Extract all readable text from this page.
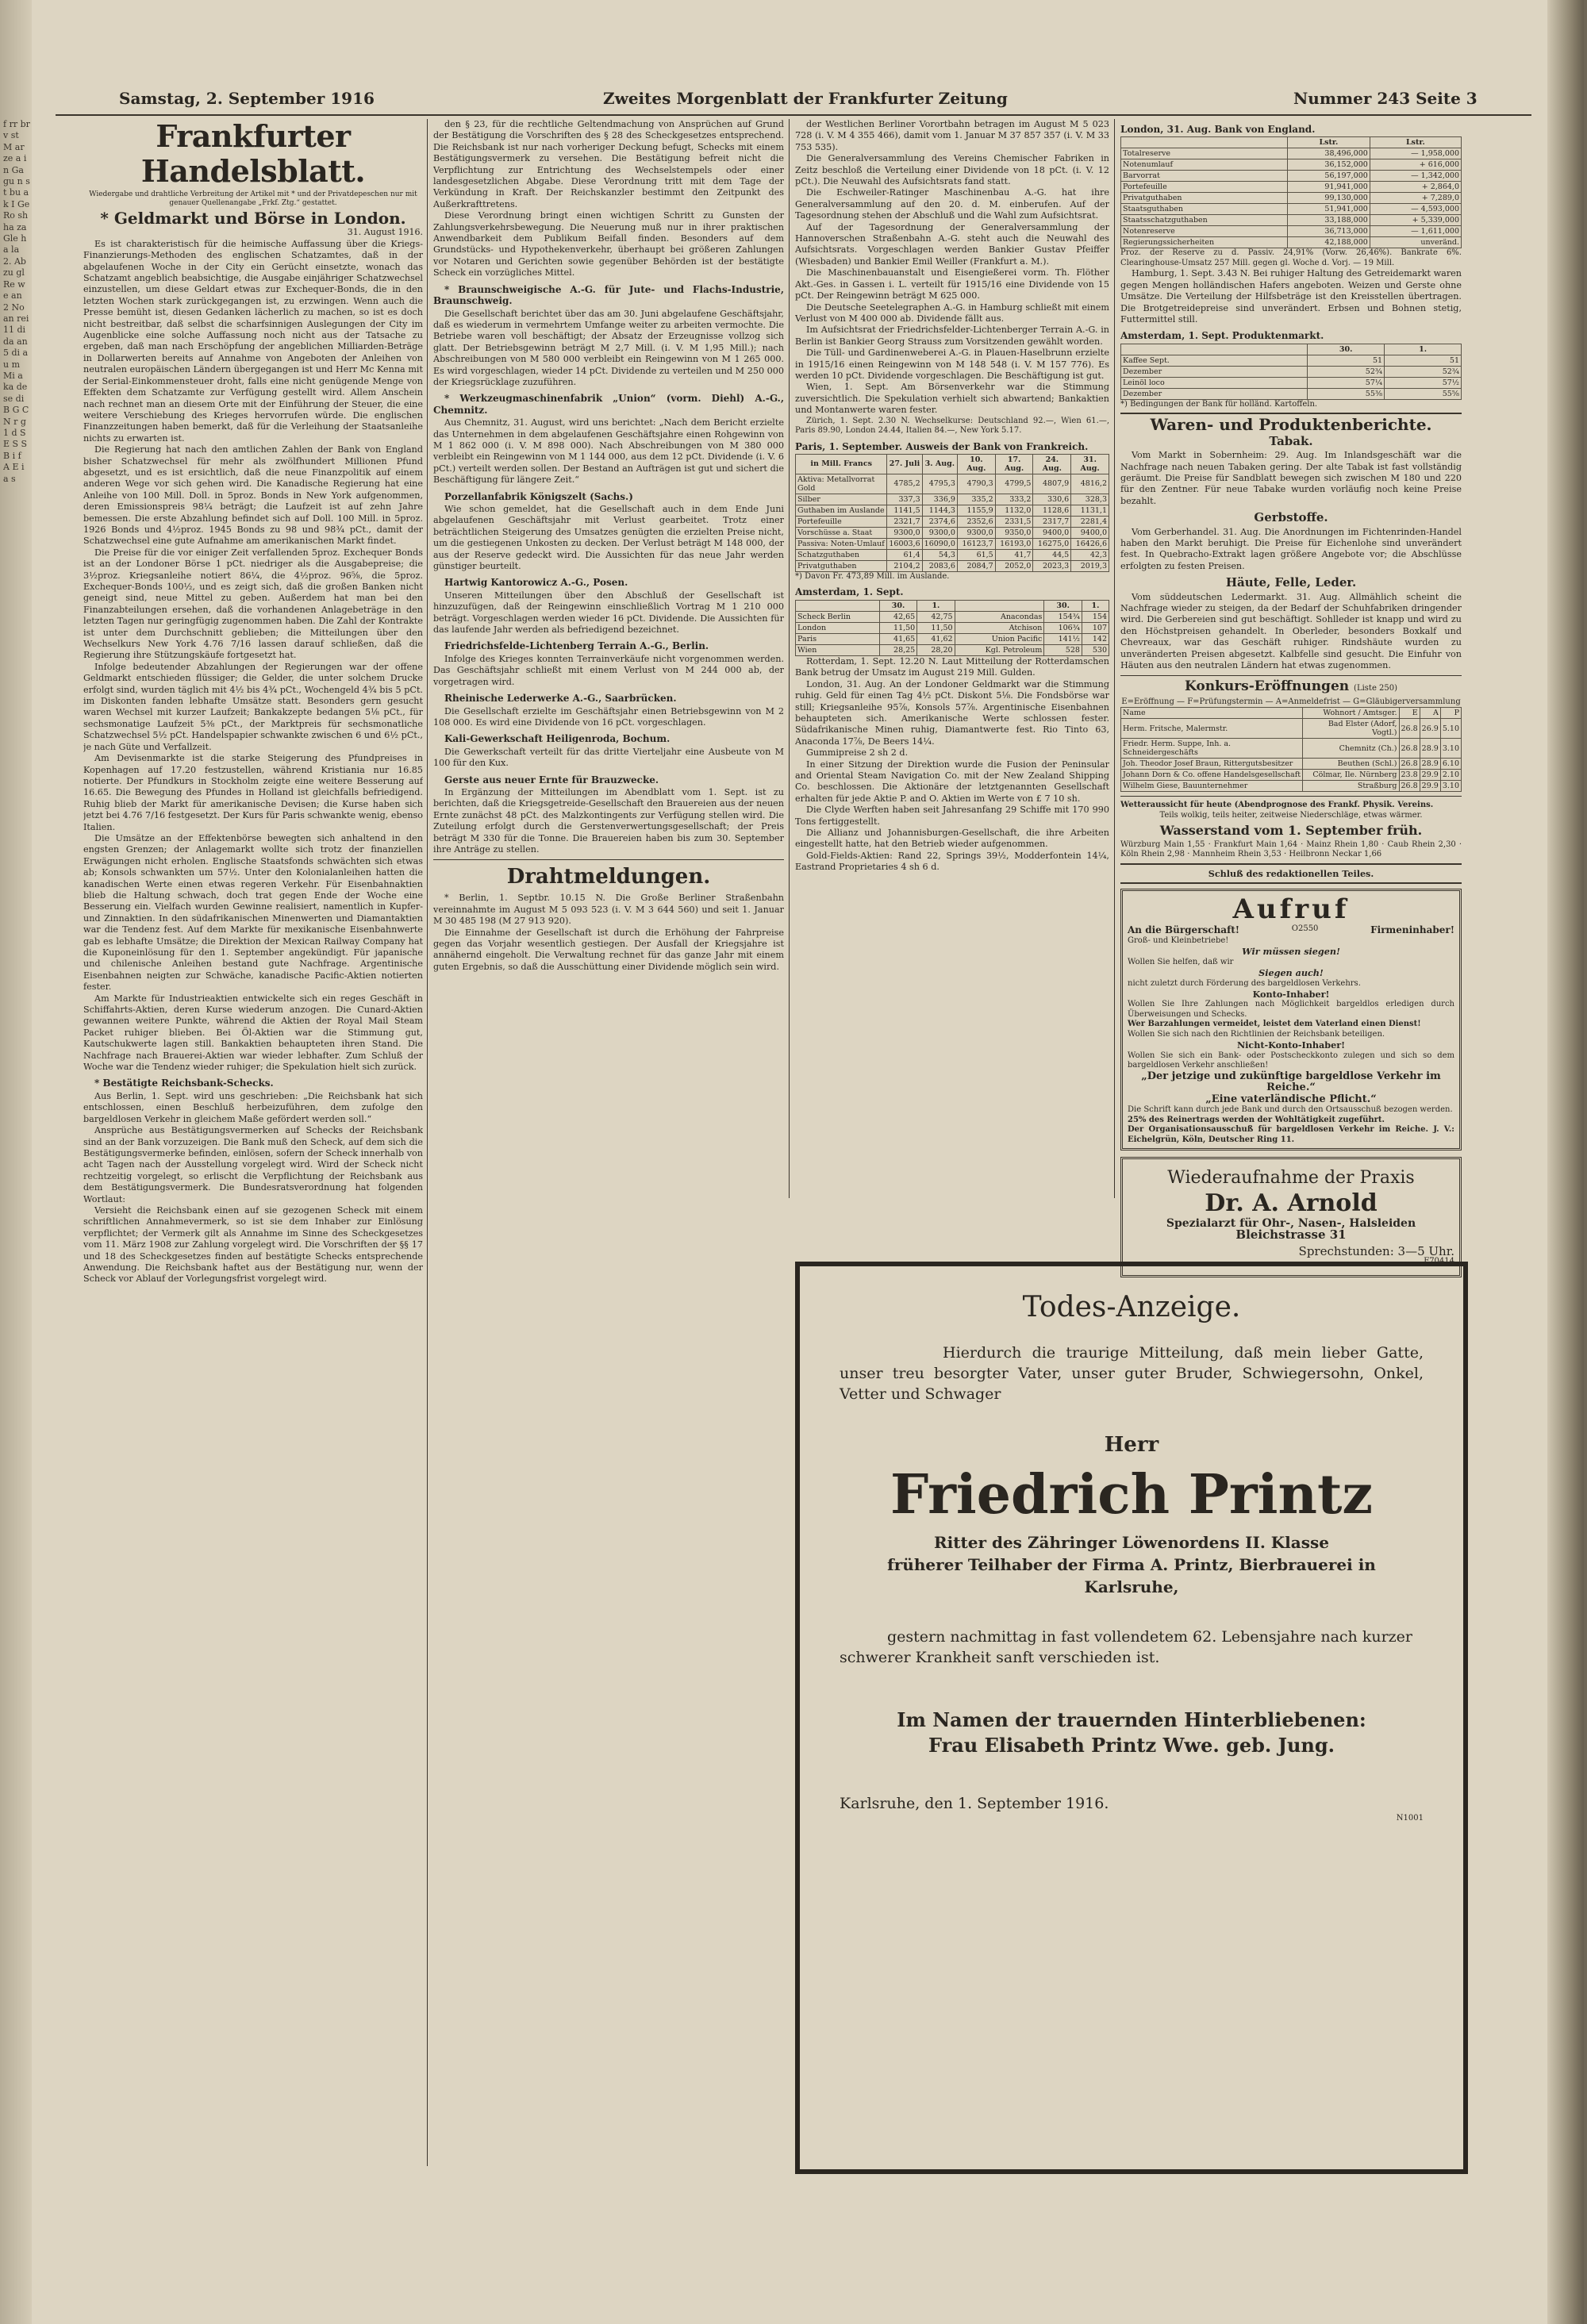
f rr br v st M ar ze a in Ga gu n st bu ak I Ge Ro sh ha za Gle ha la 2. Ab zu gl Re we an 2 No an rei 11 di da an 5 di au m Mi a ka de se di B G C N r g 1 d S E S S B i f A E i a s
Samstag, 2. September 1916	Zweites Morgenblatt der Frankfurter Zeitung	Nummer 243 Seite 3
Frankfurter Handelsblatt.
Wiedergabe und drahtliche Verbreitung der Artikel mit * und der Privatdepeschen nur mit genauer Quellenangabe „Frkf. Ztg.“ gestattet.
* Geldmarkt und Börse in London.
31. August 1916.

Es ist charakteristisch für die heimische Auffassung über die Kriegs-Finanzierungs-Methoden des englischen Schatzamtes, daß in der abgelaufenen Woche in der City ein Gerücht einsetzte, wonach das Schatzamt angeblich beabsichtige, die Ausgabe einjähriger Schatzwechsel einzustellen, um diese Geldart etwas zur Exchequer-Bonds, die in den letzten Wochen stark zurückgegangen ist, zu erzwingen. Wenn auch die Presse bemüht ist, diesen Gedanken lächerlich zu machen, so ist es doch nicht bestreitbar, daß selbst die scharfsinnigen Auslegungen der City im Augenblicke eine solche Auffassung noch nicht aus der Tatsache zu ergeben, daß man nach Erschöpfung der angeblichen Milliarden-Beträge in Dollarwerten bereits auf Annahme von Angeboten der Anleihen von neutralen europäischen Ländern übergegangen ist und Herr Mc Kenna mit der Serial-Einkommensteuer droht, falls eine nicht genügende Menge von Effekten dem Schatzamte zur Verfügung gestellt wird. Allem Anschein nach rechnet man an diesem Orte mit der Einführung der Steuer, die eine weitere Verschiebung des Krieges hervorrufen würde. Die englischen Finanzzeitungen haben bemerkt, daß für die Verleihung der Staatsanleihe nichts zu erwarten ist.

Die Regierung hat nach den amtlichen Zahlen der Bank von England bisher Schatzwechsel für mehr als zwölfhundert Millionen Pfund abgesetzt, und es ist ersichtlich, daß die neue Finanzpolitik auf einem anderen Wege vor sich gehen wird. Die Kanadische Regierung hat eine Anleihe von 100 Mill. Doll. in 5proz. Bonds in New York aufgenommen, deren Emissionspreis 98¼ beträgt; die Laufzeit ist auf zehn Jahre bemessen. Die erste Abzahlung befindet sich auf Doll. 100 Mill. in 5proz. 1926 Bonds und 4½proz. 1945 Bonds zu 98 und 98¾ pCt., damit der Schatzwechsel eine gute Aufnahme am amerikanischen Markt findet.

Die Preise für die vor einiger Zeit verfallenden 5proz. Exchequer Bonds ist an der Londoner Börse 1 pCt. niedriger als die Ausgabepreise; die 3½proz. Kriegsanleihe notiert 86¼, die 4½proz. 96⅝, die 5proz. Exchequer-Bonds 100½, und es zeigt sich, daß die großen Banken nicht geneigt sind, neue Mittel zu geben. Außerdem hat man bei den Finanzabteilungen ersehen, daß die vorhandenen Anlagebeträge in den letzten Tagen nur geringfügig zugenommen haben. Die Zahl der Kontrakte ist unter dem Durchschnitt geblieben; die Mitteilungen über den Wechselkurs New York 4.76 7/16 lassen darauf schließen, daß die Regierung ihre Stützungskäufe fortgesetzt hat.

Infolge bedeutender Abzahlungen der Regierungen war der offene Geldmarkt entschieden flüssiger; die Gelder, die unter solchem Drucke erfolgt sind, wurden täglich mit 4½ bis 4¾ pCt., Wochengeld 4¾ bis 5 pCt. im Diskonten fanden lebhafte Umsätze statt. Besonders gern gesucht waren Wechsel mit kurzer Laufzeit; Bankakzepte bedangen 5⅛ pCt., für sechsmonatige Laufzeit 5⅜ pCt., der Marktpreis für sechsmonatliche Schatzwechsel 5½ pCt. Handelspapier schwankte zwischen 6 und 6½ pCt., je nach Güte und Verfallzeit.

Am Devisenmarkte ist die starke Steigerung des Pfundpreises in Kopenhagen auf 17.20 festzustellen, während Kristiania nur 16.85 notierte. Der Pfundkurs in Stockholm zeigte eine weitere Besserung auf 16.65. Die Bewegung des Pfundes in Holland ist gleichfalls befriedigend. Ruhig blieb der Markt für amerikanische Devisen; die Kurse haben sich jetzt bei 4.76 7/16 festgesetzt. Der Kurs für Paris schwankte wenig, ebenso Italien.

Die Umsätze an der Effektenbörse bewegten sich anhaltend in den engsten Grenzen; der Anlagemarkt wollte sich trotz der finanziellen Erwägungen nicht erholen. Englische Staatsfonds schwächten sich etwas ab; Konsols schwankten um 57½. Unter den Kolonialanleihen hatten die kanadischen Werte einen etwas regeren Verkehr. Für Eisenbahnaktien blieb die Haltung schwach, doch trat gegen Ende der Woche eine Besserung ein. Vielfach wurden Gewinne realisiert, namentlich in Kupfer- und Zinnaktien. In den südafrikanischen Minenwerten und Diamantaktien war die Tendenz fest. Auf dem Markte für mexikanische Eisenbahnwerte gab es lebhafte Umsätze; die Direktion der Mexican Railway Company hat die Kuponeinlösung für den 1. September angekündigt. Für japanische und chilenische Anleihen bestand gute Nachfrage. Argentinische Eisenbahnen neigten zur Schwäche, kanadische Pacific-Aktien notierten fester.

Am Markte für Industrieaktien entwickelte sich ein reges Geschäft in Schiffahrts-Aktien, deren Kurse wiederum anzogen. Die Cunard-Aktien gewannen weitere Punkte, während die Aktien der Royal Mail Steam Packet ruhiger blieben. Bei Öl-Aktien war die Stimmung gut, Kautschukwerte lagen still. Bankaktien behaupteten ihren Stand. Die Nachfrage nach Brauerei-Aktien war wieder lebhafter. Zum Schluß der Woche war die Tendenz wieder ruhiger; die Spekulation hielt sich zurück.

* Bestätigte Reichsbank-Schecks.

Aus Berlin, 1. Sept. wird uns geschrieben: „Die Reichsbank hat sich entschlossen, einen Beschluß herbeizuführen, dem zufolge den bargeldlosen Verkehr in gleichem Maße gefördert werden soll.“

Ansprüche aus Bestätigungsvermerken auf Schecks der Reichsbank sind an der Bank vorzuzeigen. Die Bank muß den Scheck, auf dem sich die Bestätigungsvermerke befinden, einlösen, sofern der Scheck innerhalb von acht Tagen nach der Ausstellung vorgelegt wird. Wird der Scheck nicht rechtzeitig vorgelegt, so erlischt die Verpflichtung der Reichsbank aus dem Bestätigungsvermerk. Die Bundesratsverordnung hat folgenden Wortlaut:

Versieht die Reichsbank einen auf sie gezogenen Scheck mit einem schriftlichen Annahmevermerk, so ist sie dem Inhaber zur Einlösung verpflichtet; der Vermerk gilt als Annahme im Sinne des Scheckgesetzes vom 11. März 1908 zur Zahlung vorgelegt wird. Die Vorschriften der §§ 17 und 18 des Scheckgesetzes finden auf bestätigte Schecks entsprechende Anwendung. Die Reichsbank haftet aus der Bestätigung nur, wenn der Scheck vor Ablauf der Vorlegungsfrist vorgelegt wird.

den § 23, für die rechtliche Geltendmachung von Ansprüchen auf Grund der Bestätigung die Vorschriften des § 28 des Scheckgesetzes entsprechend. Die Reichsbank ist nur nach vorheriger Deckung befugt, Schecks mit einem Bestätigungsvermerk zu versehen. Die Bestätigung befreit nicht die Verpflichtung zur Entrichtung des Wechselstempels oder einer landesgesetzlichen Abgabe. Diese Verordnung tritt mit dem Tage der Verkündung in Kraft. Der Reichskanzler bestimmt den Zeitpunkt des Außerkrafttretens.

Diese Verordnung bringt einen wichtigen Schritt zu Gunsten der Zahlungsverkehrsbewegung. Die Neuerung muß nur in ihrer praktischen Anwendbarkeit dem Publikum Beifall finden. Besonders auf dem Grundstücks- und Hypothekenverkehr, überhaupt bei größeren Zahlungen vor Notaren und Gerichten sowie gegenüber Behörden ist der bestätigte Scheck ein vorzügliches Mittel.

* Braunschweigische A.-G. für Jute- und Flachs-Industrie, Braunschweig.

Die Gesellschaft berichtet über das am 30. Juni abgelaufene Geschäftsjahr, daß es wiederum in vermehrtem Umfange weiter zu arbeiten vermochte. Die Betriebe waren voll beschäftigt; der Absatz der Erzeugnisse vollzog sich glatt. Der Betriebsgewinn beträgt M 2,7 Mill. (i. V. M 1,95 Mill.); nach Abschreibungen von M 580 000 verbleibt ein Reingewinn von M 1 265 000. Es wird vorgeschlagen, wieder 14 pCt. Dividende zu verteilen und M 250 000 der Kriegsrücklage zuzuführen.

* Werkzeugmaschinenfabrik „Union“ (vorm. Diehl) A.-G., Chemnitz.

Aus Chemnitz, 31. August, wird uns berichtet: „Nach dem Bericht erzielte das Unternehmen in dem abgelaufenen Geschäftsjahre einen Rohgewinn von M 1 862 000 (i. V. M 898 000). Nach Abschreibungen von M 380 000 verbleibt ein Reingewinn von M 1 144 000, aus dem 12 pCt. Dividende (i. V. 6 pCt.) verteilt werden sollen. Der Bestand an Aufträgen ist gut und sichert die Beschäftigung für längere Zeit.“

Porzellanfabrik Königszelt (Sachs.)

Wie schon gemeldet, hat die Gesellschaft auch in dem Ende Juni abgelaufenen Geschäftsjahr mit Verlust gearbeitet. Trotz einer beträchtlichen Steigerung des Umsatzes genügten die erzielten Preise nicht, um die gestiegenen Unkosten zu decken. Der Verlust beträgt M 148 000, der aus der Reserve gedeckt wird. Die Aussichten für das neue Jahr werden günstiger beurteilt.

Hartwig Kantorowicz A.-G., Posen.

Unseren Mitteilungen über den Abschluß der Gesellschaft ist hinzuzufügen, daß der Reingewinn einschließlich Vortrag M 1 210 000 beträgt. Vorgeschlagen werden wieder 16 pCt. Dividende. Die Aussichten für das laufende Jahr werden als befriedigend bezeichnet.

Friedrichsfelde-Lichtenberg Terrain A.-G., Berlin.

Infolge des Krieges konnten Terrainverkäufe nicht vorgenommen werden. Das Geschäftsjahr schließt mit einem Verlust von M 244 000 ab, der vorgetragen wird.

Rheinische Lederwerke A.-G., Saarbrücken.

Die Gesellschaft erzielte im Geschäftsjahr einen Betriebsgewinn von M 2 108 000. Es wird eine Dividende von 16 pCt. vorgeschlagen.

Kali-Gewerkschaft Heiligenroda, Bochum.

Die Gewerkschaft verteilt für das dritte Vierteljahr eine Ausbeute von M 100 für den Kux.

Gerste aus neuer Ernte für Brauzwecke.

In Ergänzung der Mitteilungen im Abendblatt vom 1. Sept. ist zu berichten, daß die Kriegsgetreide-Gesellschaft den Brauereien aus der neuen Ernte zunächst 48 pCt. des Malzkontingents zur Verfügung stellen wird. Die Zuteilung erfolgt durch die Gerstenverwertungsgesellschaft; der Preis beträgt M 330 für die Tonne. Die Brauereien haben bis zum 30. September ihre Anträge zu stellen.

Drahtmeldungen.

* Berlin, 1. Septbr. 10.15 N. Die Große Berliner Straßenbahn vereinnahmte im August M 5 093 523 (i. V. M 3 644 560) und seit 1. Januar M 30 485 198 (M 27 913 920).

Die Einnahme der Gesellschaft ist durch die Erhöhung der Fahrpreise gegen das Vorjahr wesentlich gestiegen. Der Ausfall der Kriegsjahre ist annähernd eingeholt. Die Verwaltung rechnet für das ganze Jahr mit einem guten Ergebnis, so daß die Ausschüttung einer Dividende möglich sein wird.

der Westlichen Berliner Vorortbahn betragen im August M 5 023 728 (i. V. M 4 355 466), damit vom 1. Januar M 37 857 357 (i. V. M 33 753 535).

Die Generalversammlung des Vereins Chemischer Fabriken in Zeitz beschloß die Verteilung einer Dividende von 18 pCt. (i. V. 12 pCt.). Die Neuwahl des Aufsichtsrats fand statt.

Die Eschweiler-Ratinger Maschinenbau A.-G. hat ihre Generalversammlung auf den 20. d. M. einberufen. Auf der Tagesordnung stehen der Abschluß und die Wahl zum Aufsichtsrat.

Auf der Tagesordnung der Generalversammlung der Hannoverschen Straßenbahn A.-G. steht auch die Neuwahl des Aufsichtsrats. Vorgeschlagen werden Bankier Gustav Pfeiffer (Wiesbaden) und Bankier Emil Weiller (Frankfurt a. M.).

Die Maschinenbauanstalt und Eisengießerei vorm. Th. Flöther Akt.-Ges. in Gassen i. L. verteilt für 1915/16 eine Dividende von 15 pCt. Der Reingewinn beträgt M 625 000.

Die Deutsche Seetelegraphen A.-G. in Hamburg schließt mit einem Verlust von M 400 000 ab. Dividende fällt aus.

Im Aufsichtsrat der Friedrichsfelder-Lichtenberger Terrain A.-G. in Berlin ist Bankier Georg Strauss zum Vorsitzenden gewählt worden.

Die Tüll- und Gardinenweberei A.-G. in Plauen-Haselbrunn erzielte in 1915/16 einen Reingewinn von M 148 548 (i. V. M 157 776). Es werden 10 pCt. Dividende vorgeschlagen. Die Beschäftigung ist gut.

Wien, 1. Sept. Am Börsenverkehr war die Stimmung zuversichtlich. Die Spekulation verhielt sich abwartend; Bankaktien und Montanwerte waren fester.

Zürich, 1. Sept. 2.30 N. Wechselkurse: Deutschland 92.—, Wien 61.—, Paris 89.90, London 24.44, Italien 84.—, New York 5.17.

Paris, 1. September. Ausweis der Bank von Frankreich.
in Mill. Francs	27. Juli	3. Aug.	10. Aug.	17. Aug.	24. Aug.	31. Aug.
Aktiva: Metallvorrat Gold	4785,2	4795,3	4790,3	4799,5	4807,9	4816,2
Silber	337,3	336,9	335,2	333,2	330,6	328,3
Guthaben im Auslande	1141,5	1144,3	1155,9	1132,0	1128,6	1131,1
Portefeuille	2321,7	2374,6	2352,6	2331,5	2317,7	2281,4
Vorschüsse a. Staat	9300,0	9300,0	9300,0	9350,0	9400,0	9400,0
Passiva: Noten-Umlauf	16003,6	16090,0	16123,7	16193,0	16275,0	16426,6
Schatzguthaben	61,4	54,3	61,5	41,7	44,5	42,3
Privatguthaben	2104,2	2083,6	2084,7	2052,0	2023,3	2019,3
*) Davon Fr. 473,89 Mill. im Auslande.
Amsterdam, 1. Sept.
	30.	1.		30.	1.
Scheck Berlin	42,65	42,75	Anacondas	154¾	154
London	11,50	11,50	Atchison	106¾	107
Paris	41,65	41,62	Union Pacific	141½	142
Wien	28,25	28,20	Kgl. Petroleum	528	530

Rotterdam, 1. Sept. 12.20 N. Laut Mitteilung der Rotterdamschen Bank betrug der Umsatz im August 219 Mill. Gulden.

London, 31. Aug. An der Londoner Geldmarkt war die Stimmung ruhig. Geld für einen Tag 4½ pCt. Diskont 5⅛. Die Fondsbörse war still; Kriegsanleihe 95⅞, Konsols 57⅞. Argentinische Eisenbahnen behaupteten sich. Amerikanische Werte schlossen fester. Südafrikanische Minen ruhig, Diamantwerte fest. Rio Tinto 63, Anaconda 17⅞, De Beers 14¼.

Gummipreise 2 sh 2 d.

In einer Sitzung der Direktion wurde die Fusion der Peninsular and Oriental Steam Navigation Co. mit der New Zealand Shipping Co. beschlossen. Die Aktionäre der letztgenannten Gesellschaft erhalten für jede Aktie P. and O. Aktien im Werte von £ 7 10 sh.

Die Clyde Werften haben seit Jahresanfang 29 Schiffe mit 170 990 Tons fertiggestellt.

Die Allianz und Johannisburgen-Gesellschaft, die ihre Arbeiten eingestellt hatte, hat den Betrieb wieder aufgenommen.

Gold-Fields-Aktien: Rand 22, Springs 39½, Modderfontein 14¼, Eastrand Proprietaries 4 sh 6 d.

London, 31. Aug. Bank von England.
	Lstr.	Lstr.
Totalreserve	38,496,000	— 1,958,000
Notenumlauf	36,152,000	+ 616,000
Barvorrat	56,197,000	— 1,342,000
Portefeuille	91,941,000	+ 2,864,0
Privatguthaben	99,130,000	+ 7,289,0
Staatsguthaben	51,941,000	— 4,593,000
Staatsschatzguthaben	33,188,000	+ 5,339,000
Notenreserve	36,713,000	— 1,611,000
Regierungssicherheiten	42,188,000	unveränd.
Proz. der Reserve zu d. Passiv. 24,91% (Vorw. 26,46%). Bankrate 6%. Clearinghouse-Umsatz 257 Mill. gegen gl. Woche d. Vorj. — 19 Mill.

Hamburg, 1. Sept. 3.43 N. Bei ruhiger Haltung des Getreidemarkt waren gegen Mengen holländischen Hafers angeboten. Weizen und Gerste ohne Umsätze. Die Verteilung der Hilfsbeträge ist den Kreisstellen übertragen. Die Brotgetreidepreise sind unverändert. Erbsen und Bohnen stetig, Futtermittel still.

Amsterdam, 1. Sept. Produktenmarkt.
	30.	1.
Kaffee Sept.	51	51
Dezember	52¾	52¾
Leinöl loco	57¼	57½
Dezember	55⅜	55⅝
*) Bedingungen der Bank für holländ. Kartoffeln.
Waren- und Produktenberichte.
Tabak.

Vom Markt in Sobernheim: 29. Aug. Im Inlandsgeschäft war die Nachfrage nach neuen Tabaken gering. Der alte Tabak ist fast vollständig geräumt. Die Preise für Sandblatt bewegen sich zwischen M 180 und 220 für den Zentner. Für neue Tabake wurden vorläufig noch keine Preise bezahlt.

Gerbstoffe.

Vom Gerberhandel. 31. Aug. Die Anordnungen im Fichtenrinden-Handel haben den Markt beruhigt. Die Preise für Eichenlohe sind unverändert fest. In Quebracho-Extrakt lagen größere Angebote vor; die Abschlüsse erfolgten zu festen Preisen.

Häute, Felle, Leder.

Vom süddeutschen Ledermarkt. 31. Aug. Allmählich scheint die Nachfrage wieder zu steigen, da der Bedarf der Schuhfabriken dringender wird. Die Gerbereien sind gut beschäftigt. Sohlleder ist knapp und wird zu den Höchstpreisen gehandelt. In Oberleder, besonders Boxkalf und Chevreaux, war das Geschäft ruhiger. Rindshäute wurden zu unveränderten Preisen abgesetzt. Kalbfelle sind gesucht. Die Einfuhr von Häuten aus den neutralen Ländern hat etwas zugenommen.

Konkurs-Eröffnungen (Liste 250)
E=Eröffnung — F=Prüfungstermin — A=Anmeldefrist — G=Gläubigerversammlung
Name	Wohnort / Amtsger.	E	A	P
Herm. Fritsche, Malermstr.	Bad Elster (Adorf, Vogtl.)	26.8	26.9	5.10
Friedr. Herm. Suppe, Inh. a. Schneidergeschäfts	Chemnitz (Ch.)	26.8	28.9	3.10
Joh. Theodor Josef Braun, Rittergutsbesitzer	Beuthen (Schl.)	26.8	28.9	6.10
Johann Dorn & Co. offene Handelsgesellschaft	Cölmar, Ile. Nürnberg	23.8	29.9	2.10
Wilhelm Giese, Bauunternehmer	Straßburg	26.8	29.9	3.10
Wetteraussicht für heute (Abendprognose des Frankf. Physik. Vereins.
Teils wolkig, teils heiter, zeitweise Niederschläge, etwas wärmer.
Wasserstand vom 1. September früh.
Würzburg Main 1,55 · Frankfurt Main 1,64 · Mainz Rhein 1,80 · Caub Rhein 2,30 · Köln Rhein 2,98 · Mannheim Rhein 3,53 · Heilbronn Neckar 1,66
Schluß des redaktionellen Teiles.
Aufruf
An die Bürgerschaft!	O2550	Firmeninhaber!
Groß- und Kleinbetriebe!
Wir müssen siegen!
Wollen Sie helfen, daß wir
Siegen auch!
nicht zuletzt durch Förderung des bargeldlosen Verkehrs.
Konto-Inhaber!
Wollen Sie Ihre Zahlungen nach Möglichkeit bargeldlos erledigen durch Überweisungen und Schecks.
Wer Barzahlungen vermeidet, leistet dem Vaterland einen Dienst!
Wollen Sie sich nach den Richtlinien der Reichsbank beteiligen.
Nicht-Konto-Inhaber!
Wollen Sie sich ein Bank- oder Postscheckkonto zulegen und sich so dem bargeldlosen Verkehr anschließen!
„Der jetzige und zukünftige bargeldlose Verkehr im Reiche.“
„Eine vaterländische Pflicht.“
Die Schrift kann durch jede Bank und durch den Ortsausschuß bezogen werden.
25% des Reinertrags werden der Wohltätigkeit zugeführt.
Der Organisationsausschuß für bargeldlosen Verkehr im Reiche. J. V.: Eichelgrün, Köln, Deutscher Ring 11.
Wiederaufnahme der Praxis
Dr. A. Arnold
Spezialarzt für Ohr-, Nasen-, Halsleiden
Bleichstrasse 31
Sprechstunden: 3—5 Uhr.
F70414
Todes-Anzeige.
Hierdurch die traurige Mitteilung, daß mein lieber Gatte, unser treu besorgter Vater, unser guter Bruder, Schwiegersohn, Onkel, Vetter und Schwager
Herr
Friedrich Printz
Ritter des Zähringer Löwenordens II. Klasse
früherer Teilhaber der Firma A. Printz, Bierbrauerei in Karlsruhe,
gestern nachmittag in fast vollendetem 62. Lebensjahre nach kurzer schwerer Krankheit sanft verschieden ist.
Im Namen der trauernden Hinterbliebenen:
Frau Elisabeth Printz Wwe. geb. Jung.
Karlsruhe, den 1. September 1916.
N1001
